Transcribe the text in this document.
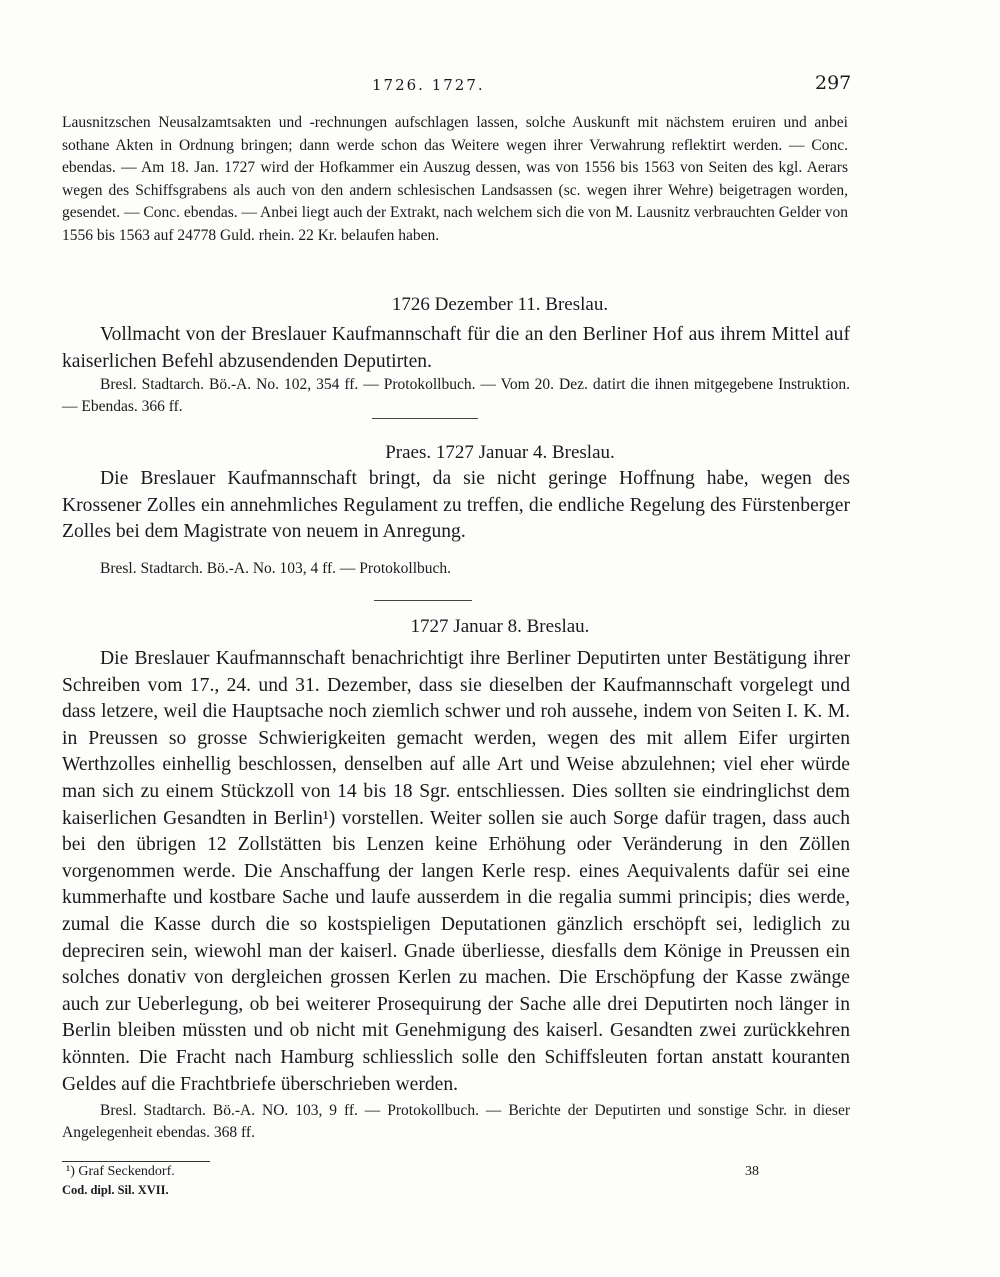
1726. 1727.	297

Lausnitzschen Neusalzamtsakten und -rechnungen aufschlagen lassen, solche Auskunft mit nächstem eruiren und anbei sothane Akten in Ordnung bringen; dann werde schon das Weitere wegen ihrer Verwahrung reflektirt werden. — Conc. ebendas. — Am 18. Jan. 1727 wird der Hofkammer ein Auszug dessen, was von 1556 bis 1563 von Seiten des kgl. Aerars wegen des Schiffsgrabens als auch von den andern schlesischen Landsassen (sc. wegen ihrer Wehre) beigetragen worden, gesendet. — Conc. ebendas. — Anbei liegt auch der Extrakt, nach welchem sich die von M. Lausnitz verbrauchten Gelder von 1556 bis 1563 auf 24778 Guld. rhein. 22 Kr. belaufen haben.

1726 Dezember 11. Breslau.

Vollmacht von der Breslauer Kaufmannschaft für die an den Berliner Hof aus ihrem Mittel auf kaiserlichen Befehl abzusendenden Deputirten.

Bresl. Stadtarch. Bö.-A. No. 102, 354 ff. — Protokollbuch. — Vom 20. Dez. datirt die ihnen mitgegebene Instruktion. — Ebendas. 366 ff.

Praes. 1727 Januar 4. Breslau.

Die Breslauer Kaufmannschaft bringt, da sie nicht geringe Hoffnung habe, wegen des Krossener Zolles ein annehmliches Regulament zu treffen, die endliche Regelung des Fürstenberger Zolles bei dem Magistrate von neuem in Anregung.

Bresl. Stadtarch. Bö.-A. No. 103, 4 ff. — Protokollbuch.

1727 Januar 8. Breslau.

Die Breslauer Kaufmannschaft benachrichtigt ihre Berliner Deputirten unter Bestätigung ihrer Schreiben vom 17., 24. und 31. Dezember, dass sie dieselben der Kaufmannschaft vorgelegt und dass letzere, weil die Hauptsache noch ziemlich schwer und roh aussehe, indem von Seiten I. K. M. in Preussen so grosse Schwierigkeiten gemacht werden, wegen des mit allem Eifer urgirten Werthzolles einhellig beschlossen, denselben auf alle Art und Weise abzulehnen; viel eher würde man sich zu einem Stückzoll von 14 bis 18 Sgr. entschliessen. Dies sollten sie eindringlichst dem kaiserlichen Gesandten in Berlin¹) vorstellen. Weiter sollen sie auch Sorge dafür tragen, dass auch bei den übrigen 12 Zollstätten bis Lenzen keine Erhöhung oder Veränderung in den Zöllen vorgenommen werde. Die Anschaffung der langen Kerle resp. eines Aequivalents dafür sei eine kummerhafte und kostbare Sache und laufe ausserdem in die regalia summi principis; dies werde, zumal die Kasse durch die so kostspieligen Deputationen gänzlich erschöpft sei, lediglich zu depreciren sein, wiewohl man der kaiserl. Gnade überliesse, diesfalls dem Könige in Preussen ein solches donativ von dergleichen grossen Kerlen zu machen. Die Erschöpfung der Kasse zwänge auch zur Ueberlegung, ob bei weiterer Prosequirung der Sache alle drei Deputirten noch länger in Berlin bleiben müssten und ob nicht mit Genehmigung des kaiserl. Gesandten zwei zurückkehren könnten. Die Fracht nach Hamburg schliesslich solle den Schiffsleuten fortan anstatt kouranten Geldes auf die Frachtbriefe überschrieben werden.

Bresl. Stadtarch. Bö.-A. NO. 103, 9 ff. — Protokollbuch. — Berichte der Deputirten und sonstige Schr. in dieser Angelegenheit ebendas. 368 ff.

¹) Graf Seckendorf.
Cod. dipl. Sil. XVII.
38
